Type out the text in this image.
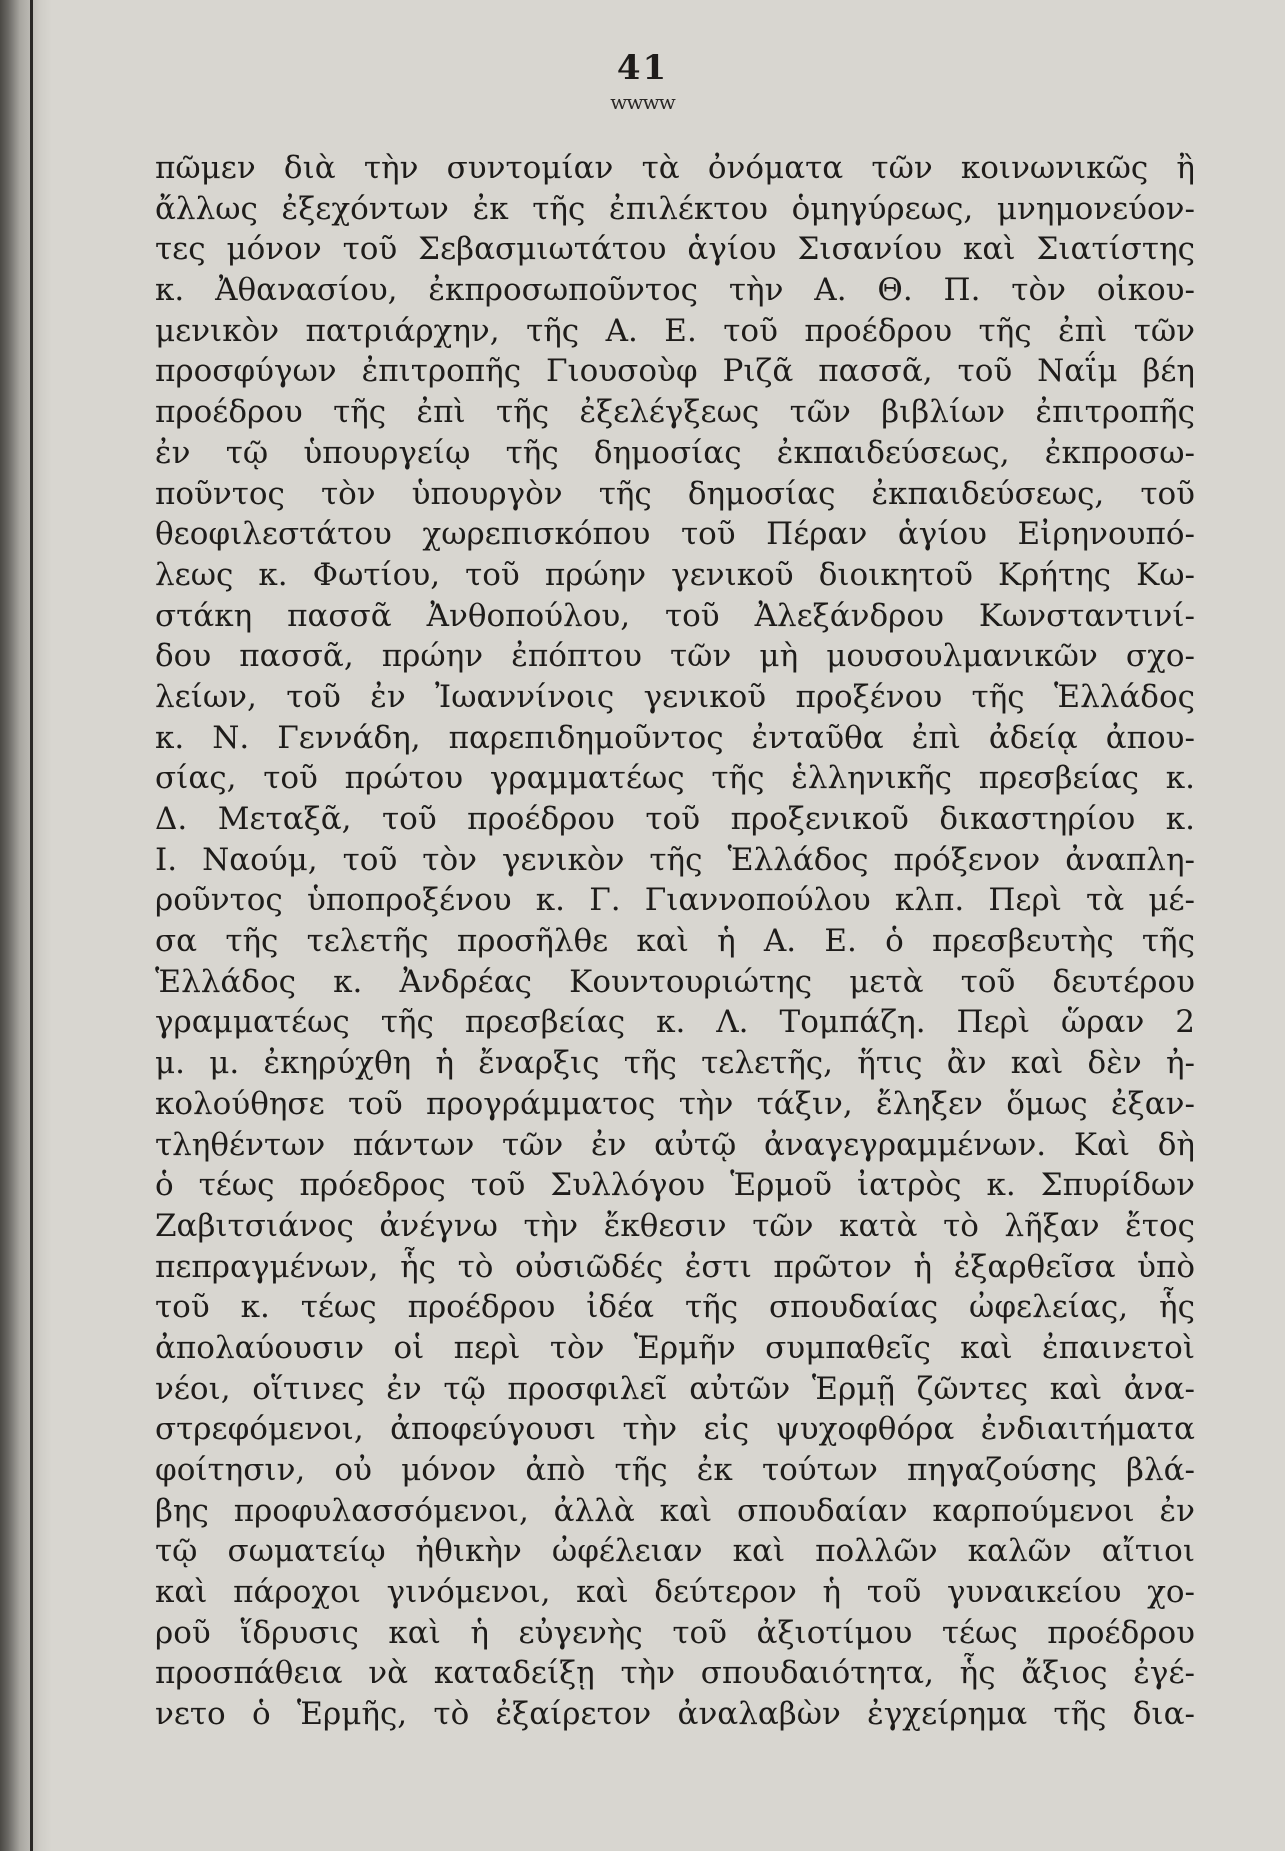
41
wwww
πῶμεν διὰ τὴν συντομίαν τὰ ὀνόματα τῶν κοινωνικῶς ἢ
ἄλλως ἐξεχόντων ἐκ τῆς ἐπιλέκτου ὁμηγύρεως, μνημονεύον-
τες μόνον τοῦ Σεβασμιωτάτου ἁγίου Σισανίου καὶ Σιατίστης
κ. Ἀθανασίου, ἐκπροσωποῦντος τὴν Α. Θ. Π. τὸν οἰκου-
μενικὸν πατριάρχην, τῆς Α. Ε. τοῦ προέδρου τῆς ἐπὶ τῶν
προσφύγων ἐπιτροπῆς Γιουσοὺφ Ριζᾶ πασσᾶ, τοῦ Ναΐμ βέη
προέδρου τῆς ἐπὶ τῆς ἐξελέγξεως τῶν βιβλίων ἐπιτροπῆς
ἐν τῷ ὑπουργείῳ τῆς δημοσίας ἐκπαιδεύσεως, ἐκπροσω-
ποῦντος τὸν ὑπουργὸν τῆς δημοσίας ἐκπαιδεύσεως, τοῦ
θεοφιλεστάτου χωρεπισκόπου τοῦ Πέραν ἁγίου Εἰρηνουπό-
λεως κ. Φωτίου, τοῦ πρώην γενικοῦ διοικητοῦ Κρήτης Κω-
στάκη πασσᾶ Ἀνθοπούλου, τοῦ Ἀλεξάνδρου Κωνσταντινί-
δου πασσᾶ, πρώην ἐπόπτου τῶν μὴ μουσουλμανικῶν σχο-
λείων, τοῦ ἐν Ἰωαννίνοις γενικοῦ προξένου τῆς Ἑλλάδος
κ. Ν. Γεννάδη, παρεπιδημοῦντος ἐνταῦθα ἐπὶ ἀδείᾳ ἀπου-
σίας, τοῦ πρώτου γραμματέως τῆς ἑλληνικῆς πρεσβείας κ.
Δ. Μεταξᾶ, τοῦ προέδρου τοῦ προξενικοῦ δικαστηρίου κ.
Ι. Ναούμ, τοῦ τὸν γενικὸν τῆς Ἑλλάδος πρόξενον ἀναπλη-
ροῦντος ὑποπροξένου κ. Γ. Γιαννοπούλου κλπ. Περὶ τὰ μέ-
σα τῆς τελετῆς προσῆλθε καὶ ἡ Α. Ε. ὁ πρεσβευτὴς τῆς
Ἑλλάδος κ. Ἀνδρέας Κουντουριώτης μετὰ τοῦ δευτέρου
γραμματέως τῆς πρεσβείας κ. Λ. Τομπάζη. Περὶ ὥραν 2
μ. μ. ἐκηρύχθη ἡ ἔναρξις τῆς τελετῆς, ἥτις ἂν καὶ δὲν ἠ-
κολούθησε τοῦ προγράμματος τὴν τάξιν, ἔληξεν ὅμως ἐξαν-
τληθέντων πάντων τῶν ἐν αὐτῷ ἀναγεγραμμένων. Καὶ δὴ
ὁ τέως πρόεδρος τοῦ Συλλόγου Ἑρμοῦ ἰατρὸς κ. Σπυρίδων
Ζαβιτσιάνος ἀνέγνω τὴν ἔκθεσιν τῶν κατὰ τὸ λῆξαν ἔτος
πεπραγμένων, ἧς τὸ οὐσιῶδές ἐστι πρῶτον ἡ ἐξαρθεῖσα ὑπὸ
τοῦ κ. τέως προέδρου ἰδέα τῆς σπουδαίας ὠφελείας, ἧς
ἀπολαύουσιν οἱ περὶ τὸν Ἑρμῆν συμπαθεῖς καὶ ἐπαινετοὶ
νέοι, οἵτινες ἐν τῷ προσφιλεῖ αὐτῶν Ἑρμῇ ζῶντες καὶ ἀνα-
στρεφόμενοι, ἀποφεύγουσι τὴν εἰς ψυχοφθόρα ἐνδιαιτήματα
φοίτησιν, οὐ μόνον ἀπὸ τῆς ἐκ τούτων πηγαζούσης βλά-
βης προφυλασσόμενοι, ἀλλὰ καὶ σπουδαίαν καρπούμενοι ἐν
τῷ σωματείῳ ἠθικὴν ὠφέλειαν καὶ πολλῶν καλῶν αἴτιοι
καὶ πάροχοι γινόμενοι, καὶ δεύτερον ἡ τοῦ γυναικείου χο-
ροῦ ἵδρυσις καὶ ἡ εὐγενὴς τοῦ ἀξιοτίμου τέως προέδρου
προσπάθεια νὰ καταδείξῃ τὴν σπουδαιότητα, ἧς ἄξιος ἐγέ-
νετο ὁ Ἑρμῆς, τὸ ἐξαίρετον ἀναλαβὼν ἐγχείρημα τῆς δια-
